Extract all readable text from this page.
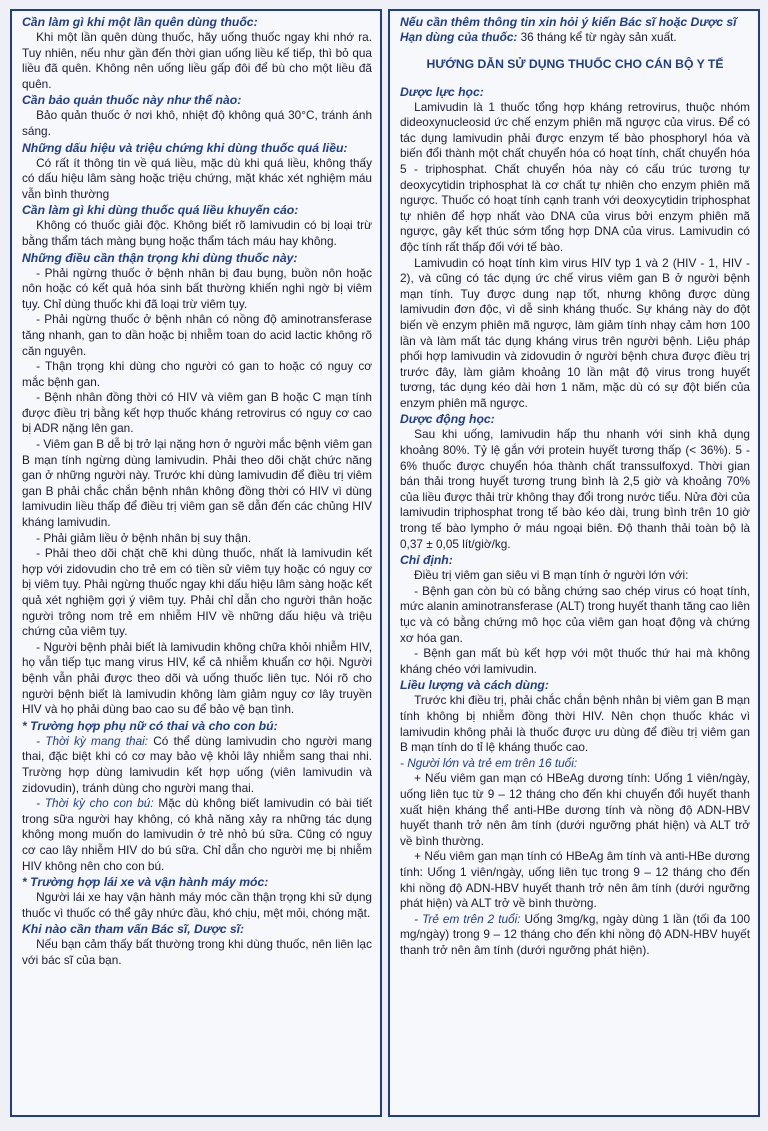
Cần làm gì khi một lần quên dùng thuốc:

Khi một lần quên dùng thuốc, hãy uống thuốc ngay khi nhớ ra. Tuy nhiên, nếu như gần đến thời gian uống liều kế tiếp, thì bỏ qua liều đã quên. Không nên uống liều gấp đôi để bù cho một liều đã quên.

Cần bảo quản thuốc này như thế nào:

Bảo quản thuốc ở nơi khô, nhiệt độ không quá 30°C, tránh ánh sáng.

Những dấu hiệu và triệu chứng khi dùng thuốc quá liều:

Có rất ít thông tin về quá liều, mặc dù khi quá liều, không thấy có dấu hiệu lâm sàng hoặc triệu chứng, mặt khác xét nghiệm máu vẫn bình thường

Cần làm gì khi dùng thuốc quá liều khuyến cáo:

Không có thuốc giải độc. Không biết rõ lamivudin có bị loại trừ bằng thẩm tách màng bụng hoặc thẩm tách máu hay không.

Những điều cần thận trọng khi dùng thuốc này:

- Phải ngừng thuốc ở bệnh nhân bị đau bụng, buồn nôn hoặc nôn hoặc có kết quả hóa sinh bất thường khiến nghi ngờ bị viêm tụy. Chỉ dùng thuốc khi đã loại trừ viêm tụy.

- Phải ngừng thuốc ở bệnh nhân có nồng độ aminotransferase tăng nhanh, gan to dần hoặc bị nhiễm toan do acid lactic không rõ căn nguyên.

- Thận trọng khi dùng cho người có gan to hoặc có nguy cơ mắc bệnh gan.

- Bệnh nhân đồng thời có HIV và viêm gan B hoặc C mạn tính được điều trị bằng kết hợp thuốc kháng retrovirus có nguy cơ cao bị ADR nặng lên gan.

- Viêm gan B dễ bị trở lại nặng hơn ở người mắc bệnh viêm gan B mạn tính ngừng dùng lamivudin. Phải theo dõi chặt chức năng gan ở những người này. Trước khi dùng lamivudin để điều trị viêm gan B phải chắc chắn bệnh nhân không đồng thời có HIV vì dùng lamivudin liều thấp để điều trị viêm gan sẽ dẫn đến các chủng HIV kháng lamivudin.

- Phải giảm liều ở bệnh nhân bị suy thận.

- Phải theo dõi chặt chẽ khi dùng thuốc, nhất là lamivudin kết hợp với zidovudin cho trẻ em có tiền sử viêm tụy hoặc có nguy cơ bị viêm tụy. Phải ngừng thuốc ngay khi dấu hiệu lâm sàng hoặc kết quả xét nghiệm gợi ý viêm tụy. Phải chỉ dẫn cho người thân hoặc người trông nom trẻ em nhiễm HIV về những dấu hiệu và triệu chứng của viêm tụy.

- Người bệnh phải biết là lamivudin không chữa khỏi nhiễm HIV, họ vẫn tiếp tục mang virus HIV, kể cả nhiễm khuẩn cơ hội. Người bệnh vẫn phải được theo dõi và uống thuốc liên tục. Nói rõ cho người bệnh biết là lamivudin không làm giảm nguy cơ lây truyền HIV và họ phải dùng bao cao su để bảo vệ bạn tình.

* Trường hợp phụ nữ có thai và cho con bú:

- Thời kỳ mang thai: Có thể dùng lamivudin cho người mang thai, đặc biệt khi có cơ may bảo vệ khỏi lây nhiễm sang thai nhi. Trường hợp dùng lamivudin kết hợp uống (viên lamivudin và zidovudin), tránh dùng cho người mang thai.

- Thời kỳ cho con bú: Mặc dù không biết lamivudin có bài tiết trong sữa người hay không, có khả năng xảy ra những tác dụng không mong muốn do lamivudin ở trẻ nhỏ bú sữa. Cũng có nguy cơ cao lây nhiễm HIV do bú sữa. Chỉ dẫn cho người mẹ bị nhiễm HIV không nên cho con bú.

* Trường hợp lái xe và vận hành máy móc:

Người lái xe hay vận hành máy móc cần thận trọng khi sử dụng thuốc vì thuốc có thể gây nhức đầu, khó chịu, mệt mỏi, chóng mặt.

Khi nào cần tham vấn Bác sĩ, Dược sĩ:

Nếu bạn cảm thấy bất thường trong khi dùng thuốc, nên liên lạc với bác sĩ của bạn.

Nếu cần thêm thông tin xin hỏi ý kiến Bác sĩ hoặc Dược sĩ

Hạn dùng của thuốc: 36 tháng kể từ ngày sản xuất.

HƯỚNG DẪN SỬ DỤNG THUỐC CHO CÁN BỘ Y TẾ

Dược lực học:

Lamivudin là 1 thuốc tổng hợp kháng retrovirus, thuộc nhóm dideoxynucleosid ức chế enzym phiên mã ngược của virus. Để có tác dụng lamivudin phải được enzym tế bào phosphoryl hóa và biến đổi thành một chất chuyển hóa có hoạt tính, chất chuyển hóa 5 - triphosphat. Chất chuyển hóa này có cấu trúc tương tự deoxycytidin triphosphat là cơ chất tự nhiên cho enzym phiên mã ngược. Thuốc có hoạt tính cạnh tranh với deoxycytidin triphosphat tự nhiên để hợp nhất vào DNA của virus bởi enzym phiên mã ngược, gây kết thúc sớm tổng hợp DNA của virus. Lamivudin có độc tính rất thấp đối với tế bào.

Lamivudin có hoạt tính kìm virus HIV typ 1 và 2 (HIV - 1, HIV - 2), và cũng có tác dụng ức chế virus viêm gan B ở người bệnh mạn tính. Tuy được dung nạp tốt, nhưng không được dùng lamivudin đơn độc, vì dễ sinh kháng thuốc. Sự kháng này do đột biến về enzym phiên mã ngược, làm giảm tính nhạy cảm hơn 100 lần và làm mất tác dụng kháng virus trên người bệnh. Liệu pháp phối hợp lamivudin và zidovudin ở người bệnh chưa được điều trị trước đây, làm giảm khoảng 10 lần mật độ virus trong huyết tương, tác dụng kéo dài hơn 1 năm, mặc dù có sự đột biến của enzym phiên mã ngược.

Dược động học:

Sau khi uống, lamivudin hấp thu nhanh với sinh khả dụng khoảng 80%. Tỷ lệ gắn với protein huyết tương thấp (< 36%). 5 - 6% thuốc được chuyển hóa thành chất transsulfoxyd. Thời gian bán thải trong huyết tương trung bình là 2,5 giờ và khoảng 70% của liều được thải trừ không thay đổi trong nước tiểu. Nửa đời của lamivudin triphosphat trong tế bào kéo dài, trung bình trên 10 giờ trong tế bào lympho ở máu ngoại biên. Độ thanh thải toàn bộ là 0,37 ± 0,05 lít/giờ/kg.

Chỉ định:

Điều trị viêm gan siêu vi B mạn tính ở người lớn với:

- Bệnh gan còn bù có bằng chứng sao chép virus có hoạt tính, mức alanin aminotransferase (ALT) trong huyết thanh tăng cao liên tục và có bằng chứng mô học của viêm gan hoạt động và chứng xơ hóa gan.

- Bệnh gan mất bù kết hợp với một thuốc thứ hai mà không kháng chéo với lamivudin.

Liều lượng và cách dùng:

Trước khi điều trị, phải chắc chắn bệnh nhân bị viêm gan B mạn tính không bị nhiễm đồng thời HIV. Nên chọn thuốc khác vì lamivudin không phải là thuốc được ưu dùng để điều trị viêm gan B mạn tính do tỉ lệ kháng thuốc cao.

- Người lớn và trẻ em trên 16 tuổi:

+ Nếu viêm gan mạn có HBeAg dương tính: Uống 1 viên/ngày, uống liên tục từ 9 – 12 tháng cho đến khi chuyển đổi huyết thanh xuất hiện kháng thể anti-HBe dương tính và nồng độ ADN-HBV huyết thanh trở nên âm tính (dưới ngưỡng phát hiện) và ALT trở về bình thường.

+ Nếu viêm gan mạn tính có HBeAg âm tính và anti-HBe dương tính: Uống 1 viên/ngày, uống liên tục trong 9 – 12 tháng cho đến khi nồng độ ADN-HBV huyết thanh trở nên âm tính (dưới ngưỡng phát hiện) và ALT trở về bình thường.

- Trẻ em trên 2 tuổi: Uống 3mg/kg, ngày dùng 1 lần (tối đa 100 mg/ngày) trong 9 – 12 tháng cho đến khi nồng độ ADN-HBV huyết thanh trở nên âm tính (dưới ngưỡng phát hiện).
